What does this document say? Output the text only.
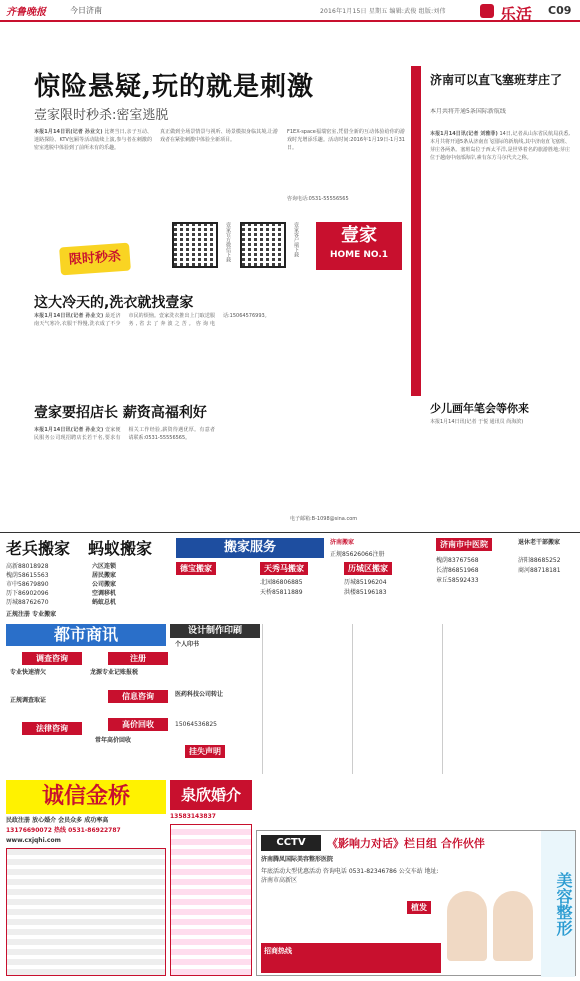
齐鲁晚报	今日济南	2016年1月15日 星期五 编辑:武俊 组版:刘伟	乐活 C09
惊险悬疑,玩的就是刺激
壹家限时秒杀:密室逃脱
本报1月14日讯(记者 孙业文) 比赛当日,亲子互动、迷路探险、KTV包厢等活动陆续上演,参与者在刺激的密室逃脱中体验到了前所未有的乐趣。
真正做到全场景情景与视听、场景模拟身临其境,让游戏者在紧张刺激中体验全新项目。
F1EX-space福瑞密室,凭借全新的互动体验给你的游戏时光增添乐趣。活动时间:2016年1月19日-1月31日。
咨询电话:0531-55556565
限时秒杀	壹家官方微信下载	壹家客户端下载	壹家
HOME NO.1
这大冷天的,洗衣就找壹家
本报1月14日讯(记者 孙业文) 最近济南天气寒冷,衣服干得慢,洗衣成了不少市民的烦恼。壹家洗衣推出上门取送服务,省去了奔波之苦。咨询电话:15064576993。
壹家要招店长 薪资高福利好
本报1月14日讯(记者 孙业文) 壹家便民服务公司现招聘店长若干名,要求有相关工作经验,薪资待遇优厚。有意者请联系:0531-55556565。
电子邮箱:B-1098@sina.com
济南可以直飞塞班芽庄了
本月共将开通5条国际新航线
本报1月14日讯(记者 刘雅菲) 14日,记者从山东省民航局获悉,本月共将开通5条从济南直飞国际的新航线,其中济南直飞塞班、芽庄各两条。塞班岛位于西太平洋,是世界着名的旅游胜地;芽庄位于越南中南部海岸,素有东方马尔代夫之称。
少儿画年笔会等你来
本报1月14日讯(记者 于悦 通讯员 尚海滨)
老兵搬家 蚂蚁搬家
高新88018928
槐荫58615563
市中58679890
历下86902096
历城88762670
六区连锁
居民搬家
公司搬家
空调移机
蚂蚁总机
正规注册 专业搬家
搬家服务	济南搬家
正规85626066注册
德宝搬家	天秀马搬家	历城区搬家
北园86806885
天桥85811889
历城85196204
洪楼85196183
济南市中医院	退休老干部搬家
槐荫83767568
长清86851968
章丘58592433
济阳88685252
商河88718181
都市商讯	设计制作印刷
个人印书
调查咨询
专业快速清欠
正规调查取证
法律咨询
注册
龙源专业记账报税
信息咨询
高价回收
常年高价回收
医药科技公司转让
15064536825
挂失声明
诚信金桥
民政注册 放心婚介 会员众多 成功率高
13176690072 热线 0531-86922787
www.cxjqhi.com
泉欣婚介
13583143837
CCTV	《影响力对话》栏目组 合作伙伴
济南腾凤国际美容整形医院
年底活动大型优惠活动 咨询电话 0531-82346786 公交车站 地址:济南市高新区
植发
招商热线
美容整形
